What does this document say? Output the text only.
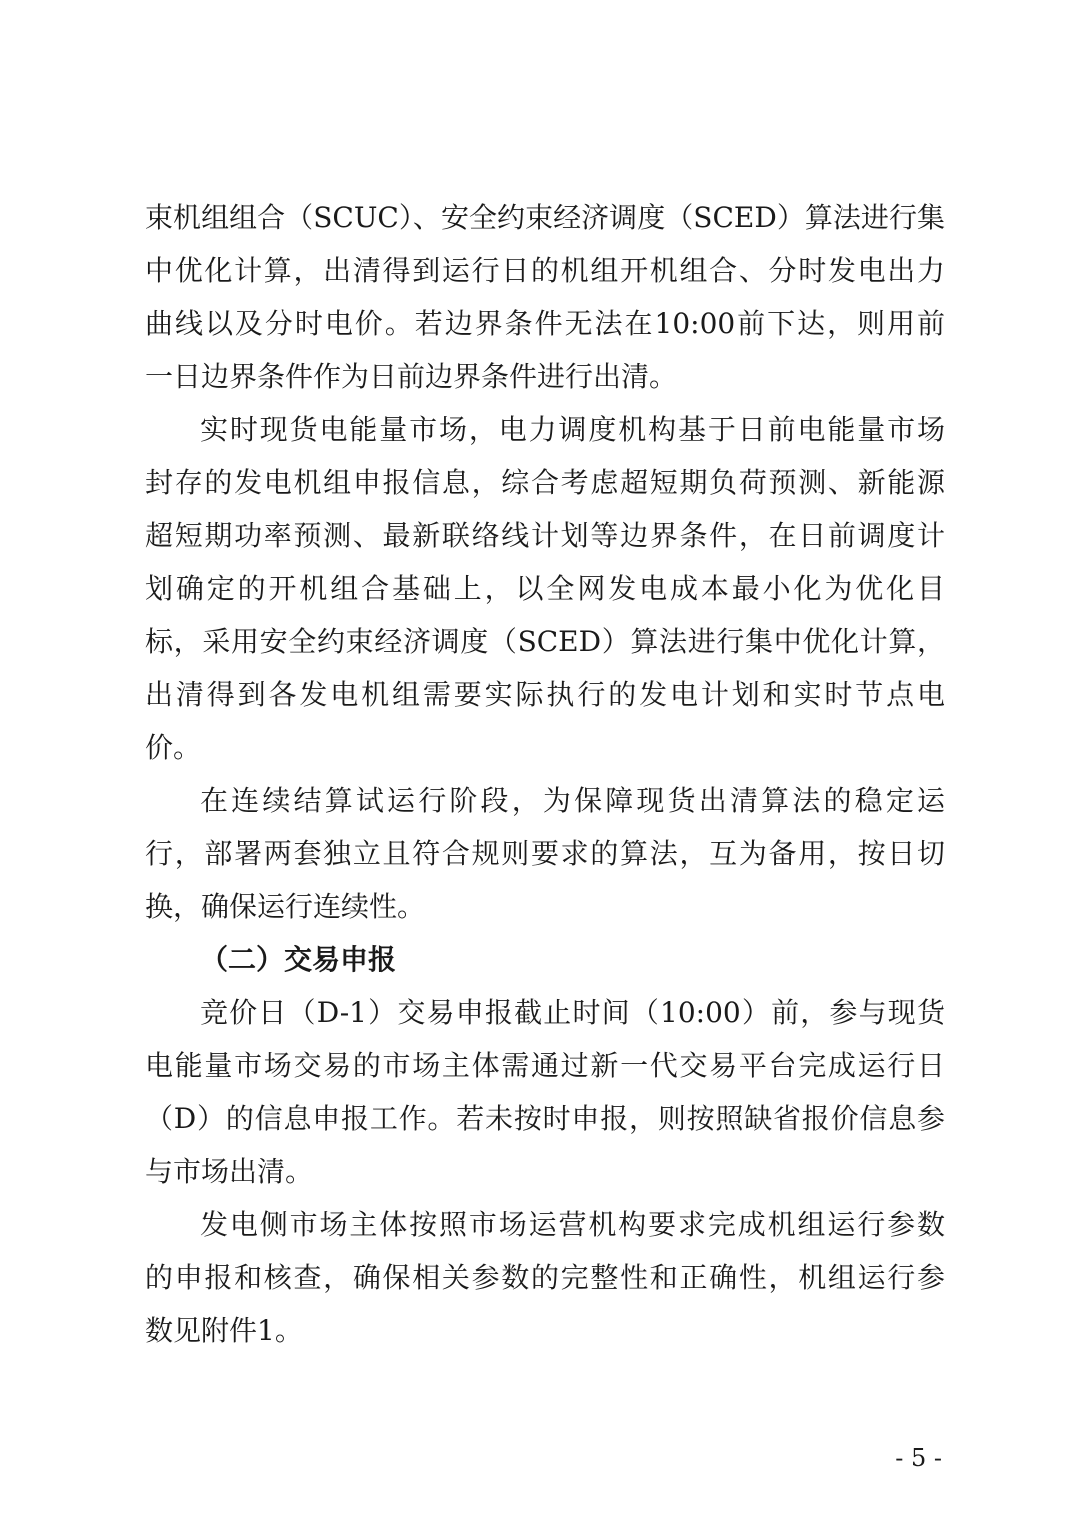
束机组组合（SCUC）、安全约束经济调度（SCED）算法进行集
中优化计算，出清得到运行日的机组开机组合、分时发电出力
曲线以及分时电价。若边界条件无法在10:00前下达，则用前
一日边界条件作为日前边界条件进行出清。
实时现货电能量市场，电力调度机构基于日前电能量市场
封存的发电机组申报信息，综合考虑超短期负荷预测、新能源
超短期功率预测、最新联络线计划等边界条件，在日前调度计
划确定的开机组合基础上，以全网发电成本最小化为优化目
标，采用安全约束经济调度（SCED）算法进行集中优化计算，
出清得到各发电机组需要实际执行的发电计划和实时节点电
价。
在连续结算试运行阶段，为保障现货出清算法的稳定运
行，部署两套独立且符合规则要求的算法，互为备用，按日切
换，确保运行连续性。
（二）交易申报
竞价日（D-1）交易申报截止时间（10:00）前，参与现货
电能量市场交易的市场主体需通过新一代交易平台完成运行日
（D）的信息申报工作。若未按时申报，则按照缺省报价信息参
与市场出清。
发电侧市场主体按照市场运营机构要求完成机组运行参数
的申报和核查，确保相关参数的完整性和正确性，机组运行参
数见附件1。
- 5 -
